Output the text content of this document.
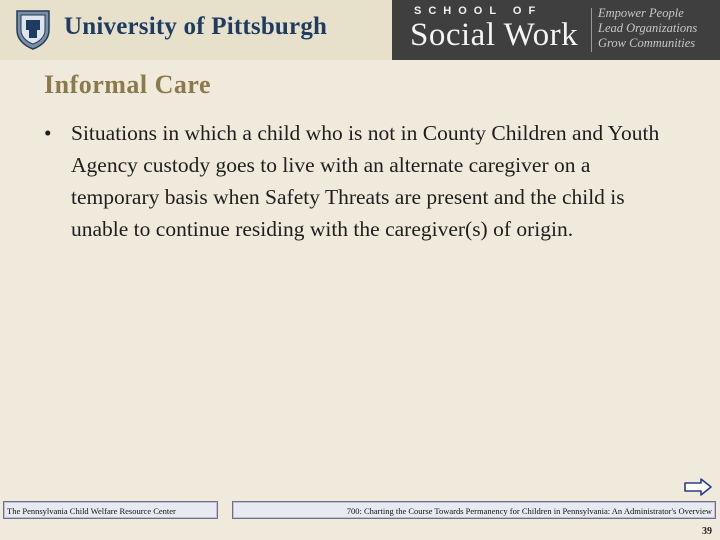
University of Pittsburgh
SCHOOL OF
Social Work
Empower People
Lead Organizations
Grow Communities
Informal Care
• Situations in which a child who is not in County Children and Youth Agency custody goes to live with an alternate caregiver on a temporary basis when Safety Threats are present and the child is unable to continue residing with the caregiver(s) of origin.
The Pennsylvania Child Welfare Resource Center	700: Charting the Course Towards Permanency for Children in Pennsylvania: An Administrator's Overview
39
